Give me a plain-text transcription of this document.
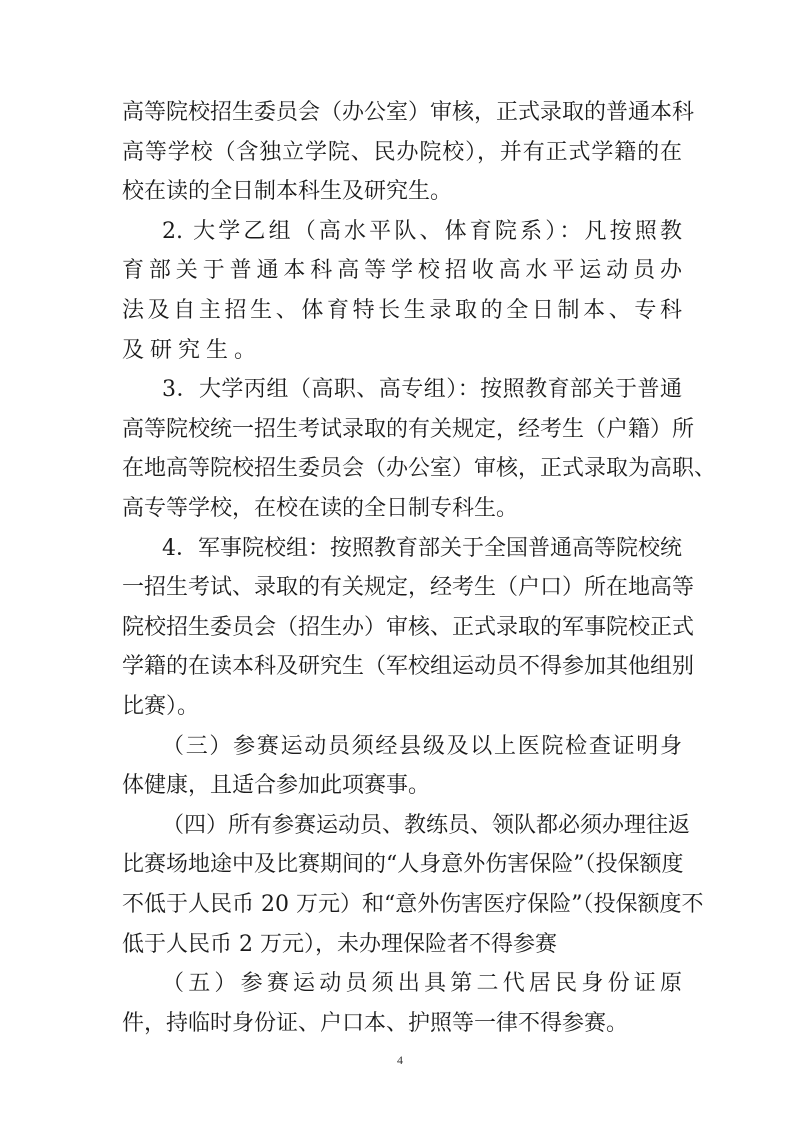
高等院校招生委员会（办公室）审核，正式录取的普通本科
高等学校（含独立学院、民办院校），并有正式学籍的在
校在读的全日制本科生及研究生。
2. 大学乙组（高水平队、体育院系）：凡按照教
育部关于普通本科高等学校招收高水平运动员办
法及自主招生、体育特长生录取的全日制本、专科
及研究生。
3．大学丙组（高职、高专组）：按照教育部关于普通
高等院校统一招生考试录取的有关规定，经考生（户籍）所
在地高等院校招生委员会（办公室）审核，正式录取为高职、
高专等学校，在校在读的全日制专科生。
4．军事院校组：按照教育部关于全国普通高等院校统
一招生考试、录取的有关规定，经考生（户口）所在地高等
院校招生委员会（招生办）审核、正式录取的军事院校正式
学籍的在读本科及研究生（军校组运动员不得参加其他组别
比赛）。
（三）参赛运动员须经县级及以上医院检查证明身
体健康，且适合参加此项赛事。
（四）所有参赛运动员、教练员、领队都必须办理往返
比赛场地途中及比赛期间的“人身意外伤害保险”（投保额度
不低于人民币 20 万元）和“意外伤害医疗保险”（投保额度不
低于人民币 2 万元），未办理保险者不得参赛
（五）参赛运动员须出具第二代居民身份证原
4
件，持临时身份证、户口本、护照等一律不得参赛。
